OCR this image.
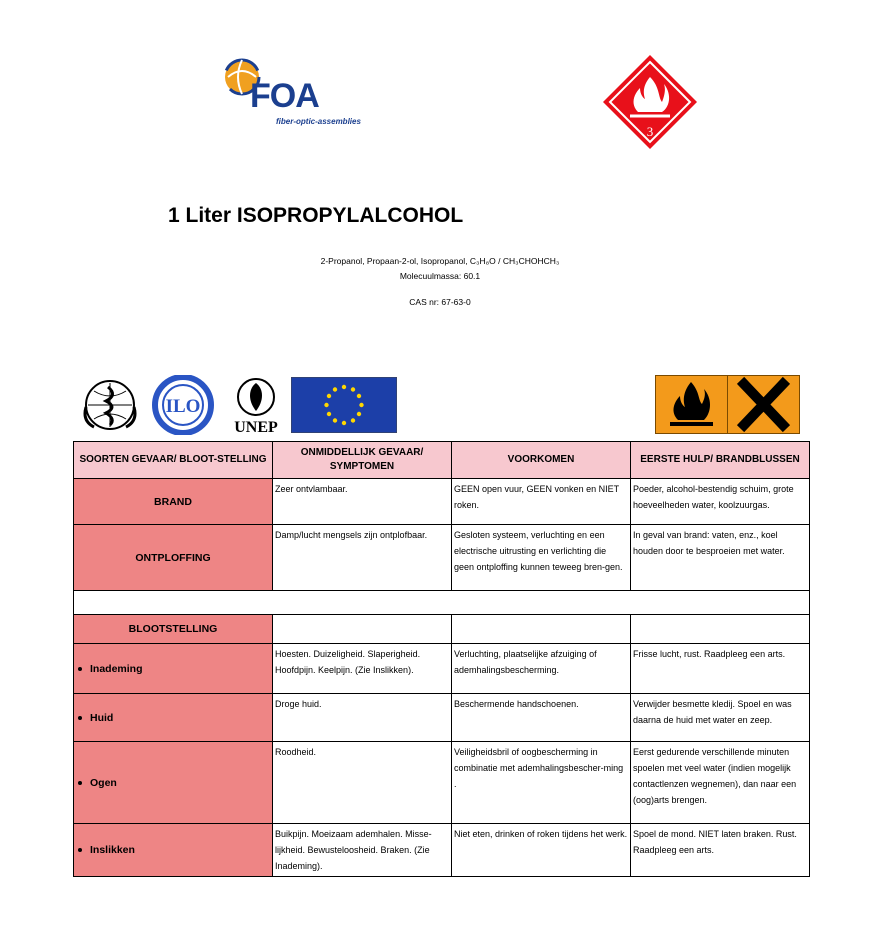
FOA
fiber-optic-assemblies
3
1 Liter ISOPROPYLALCOHOL
2-Propanol, Propaan-2-ol, Isopropanol, C₃H₈O / CH₃CHOHCH₃
Molecuulmassa: 60.1
CAS nr: 67-63-0
ILO
UNEP
SOORTEN GEVAAR/ BLOOT-STELLING	ONMIDDELLIJK GEVAAR/ SYMPTOMEN	VOORKOMEN	EERSTE HULP/ BRANDBLUSSEN
BRAND	Zeer ontvlambaar.	GEEN open vuur, GEEN vonken en NIET roken.	Poeder, alcohol-bestendig schuim, grote hoeveelheden water, koolzuurgas.
ONTPLOFFING	Damp/lucht mengsels zijn ontplofbaar.	Gesloten systeem, verluchting en een electrische uitrusting en verlichting die geen ontploffing kunnen teweeg bren-gen.	In geval van brand: vaten, enz., koel houden door te besproeien met water.

BLOOTSTELLING			
Inademing	Hoesten. Duizeligheid. Slaperigheid. Hoofdpijn. Keelpijn. (Zie Inslikken).	Verluchting, plaatselijke afzuiging of ademhalingsbescherming.	Frisse lucht, rust. Raadpleeg een arts.
Huid	Droge huid.	Beschermende handschoenen.	Verwijder besmette kledij. Spoel en was daarna de huid met water en zeep.
Ogen	Roodheid.	Veiligheidsbril of oogbescherming in combinatie met ademhalingsbescher-ming .	Eerst gedurende verschillende minuten spoelen met veel water (indien mogelijk contactlenzen wegnemen), dan naar een (oog)arts brengen.
Inslikken	Buikpijn. Moeizaam ademhalen. Misse-lijkheid. Bewusteloosheid. Braken. (Zie Inademing).	Niet eten, drinken of roken tijdens het werk.	Spoel de mond. NIET laten braken. Rust. Raadpleeg een arts.
